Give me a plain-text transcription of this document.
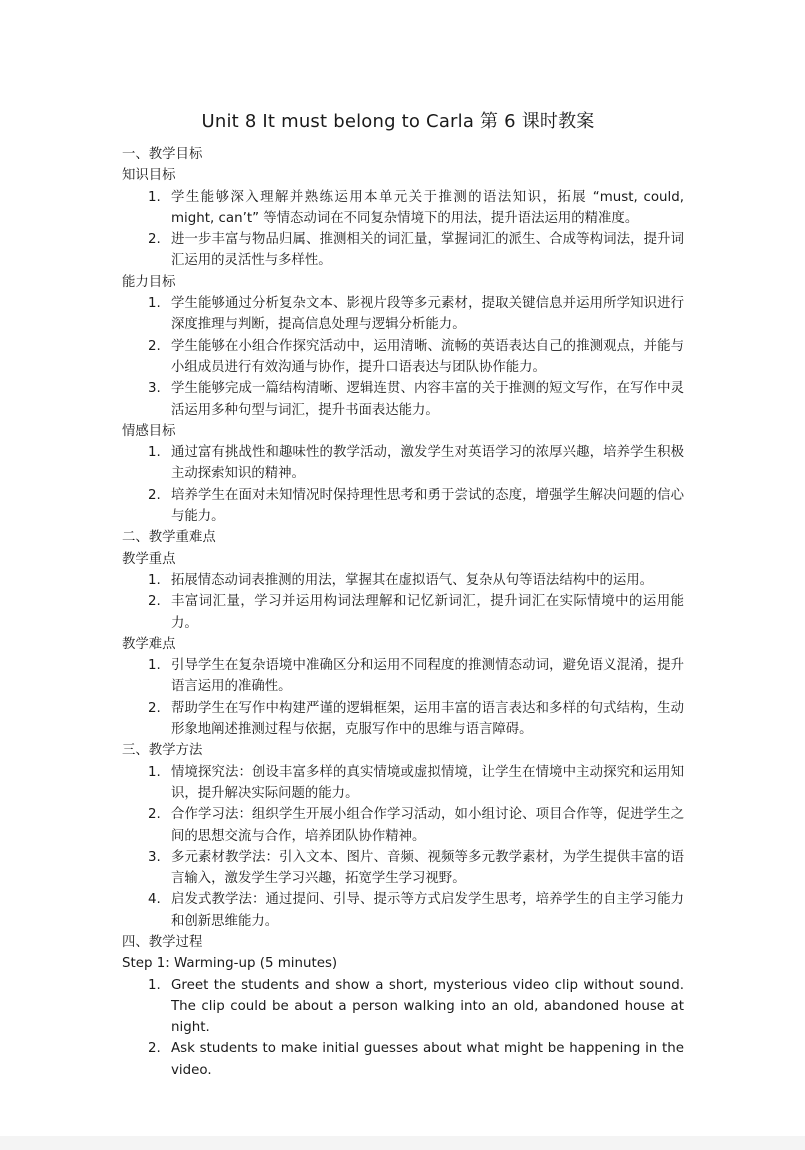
Unit 8 It must belong to Carla 第 6 课时教案
一、教学目标
知识目标
1. 学生能够深入理解并熟练运用本单元关于推测的语法知识，拓展 “must, could, might, can’t” 等情态动词在不同复杂情境下的用法，提升语法运用的精准度。
2. 进一步丰富与物品归属、推测相关的词汇量，掌握词汇的派生、合成等构词法，提升词汇运用的灵活性与多样性。
能力目标
1. 学生能够通过分析复杂文本、影视片段等多元素材，提取关键信息并运用所学知识进行深度推理与判断，提高信息处理与逻辑分析能力。
2. 学生能够在小组合作探究活动中，运用清晰、流畅的英语表达自己的推测观点，并能与小组成员进行有效沟通与协作，提升口语表达与团队协作能力。
3. 学生能够完成一篇结构清晰、逻辑连贯、内容丰富的关于推测的短文写作，在写作中灵活运用多种句型与词汇，提升书面表达能力。
情感目标
1. 通过富有挑战性和趣味性的教学活动，激发学生对英语学习的浓厚兴趣，培养学生积极主动探索知识的精神。
2. 培养学生在面对未知情况时保持理性思考和勇于尝试的态度，增强学生解决问题的信心与能力。
二、教学重难点
教学重点
1. 拓展情态动词表推测的用法，掌握其在虚拟语气、复杂从句等语法结构中的运用。
2. 丰富词汇量，学习并运用构词法理解和记忆新词汇，提升词汇在实际情境中的运用能力。
教学难点
1. 引导学生在复杂语境中准确区分和运用不同程度的推测情态动词，避免语义混淆，提升语言运用的准确性。
2. 帮助学生在写作中构建严谨的逻辑框架，运用丰富的语言表达和多样的句式结构，生动形象地阐述推测过程与依据，克服写作中的思维与语言障碍。
三、教学方法
1. 情境探究法：创设丰富多样的真实情境或虚拟情境，让学生在情境中主动探究和运用知识，提升解决实际问题的能力。
2. 合作学习法：组织学生开展小组合作学习活动，如小组讨论、项目合作等，促进学生之间的思想交流与合作，培养团队协作精神。
3. 多元素材教学法：引入文本、图片、音频、视频等多元教学素材，为学生提供丰富的语言输入，激发学生学习兴趣，拓宽学生学习视野。
4. 启发式教学法：通过提问、引导、提示等方式启发学生思考，培养学生的自主学习能力和创新思维能力。
四、教学过程
Step 1: Warming-up (5 minutes)
1. Greet the students and show a short, mysterious video clip without sound. The clip could be about a person walking into an old, abandoned house at night.
2. Ask students to make initial guesses about what might be happening in the video.
